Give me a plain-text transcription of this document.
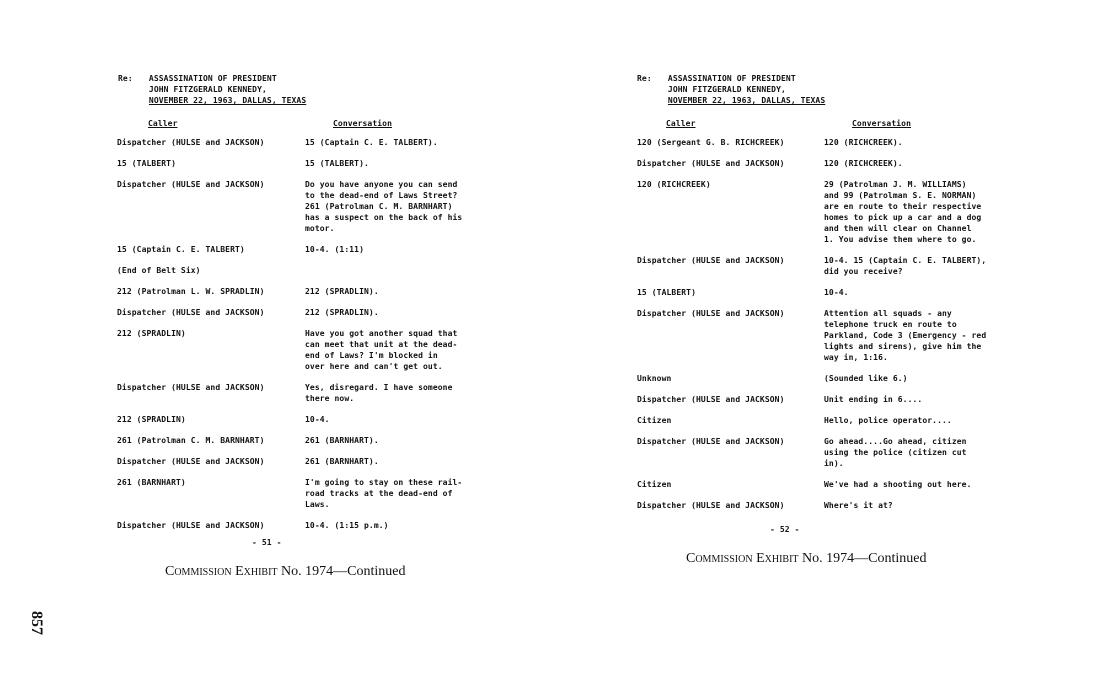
857
Re: ASSASSINATION OF PRESIDENT
JOHN FITZGERALD KENNEDY,
NOVEMBER 22, 1963, DALLAS, TEXAS
Caller	Conversation
Dispatcher (HULSE and JACKSON)	15 (Captain C. E. TALBERT).
15 (TALBERT)	15 (TALBERT).
Dispatcher (HULSE and JACKSON)	Do you have anyone you can send
to the dead-end of Laws Street?
261 (Patrolman C. M. BARNHART)
has a suspect on the back of his
motor.
15 (Captain C. E. TALBERT)	10-4. (1:11)
(End of Belt Six)
212 (Patrolman L. W. SPRADLIN)	212 (SPRADLIN).
Dispatcher (HULSE and JACKSON)	212 (SPRADLIN).
212 (SPRADLIN)	Have you got another squad that
can meet that unit at the dead-
end of Laws? I'm blocked in
over here and can't get out.
Dispatcher (HULSE and JACKSON)	Yes, disregard. I have someone
there now.
212 (SPRADLIN)	10-4.
261 (Patrolman C. M. BARNHART)	261 (BARNHART).
Dispatcher (HULSE and JACKSON)	261 (BARNHART).
261 (BARNHART)	I'm going to stay on these rail-
road tracks at the dead-end of
Laws.
Dispatcher (HULSE and JACKSON)	10-4. (1:15 p.m.)
- 51 -
Commission Exhibit No. 1974—Continued
Re: ASSASSINATION OF PRESIDENT
JOHN FITZGERALD KENNEDY,
NOVEMBER 22, 1963, DALLAS, TEXAS
Caller	Conversation
120 (Sergeant G. B. RICHCREEK)	120 (RICHCREEK).
Dispatcher (HULSE and JACKSON)	120 (RICHCREEK).
120 (RICHCREEK)	29 (Patrolman J. M. WILLIAMS)
and 99 (Patrolman S. E. NORMAN)
are en route to their respective
homes to pick up a car and a dog
and then will clear on Channel
1. You advise them where to go.
Dispatcher (HULSE and JACKSON)	10-4. 15 (Captain C. E. TALBERT),
did you receive?
15 (TALBERT)	10-4.
Dispatcher (HULSE and JACKSON)	Attention all squads - any
telephone truck en route to
Parkland, Code 3 (Emergency - red
lights and sirens), give him the
way in, 1:16.
Unknown	(Sounded like 6.)
Dispatcher (HULSE and JACKSON)	Unit ending in 6....
Citizen	Hello, police operator....
Dispatcher (HULSE and JACKSON)	Go ahead....Go ahead, citizen
using the police (citizen cut
in).
Citizen	We've had a shooting out here.
Dispatcher (HULSE and JACKSON)	Where's it at?
- 52 -
Commission Exhibit No. 1974—Continued
